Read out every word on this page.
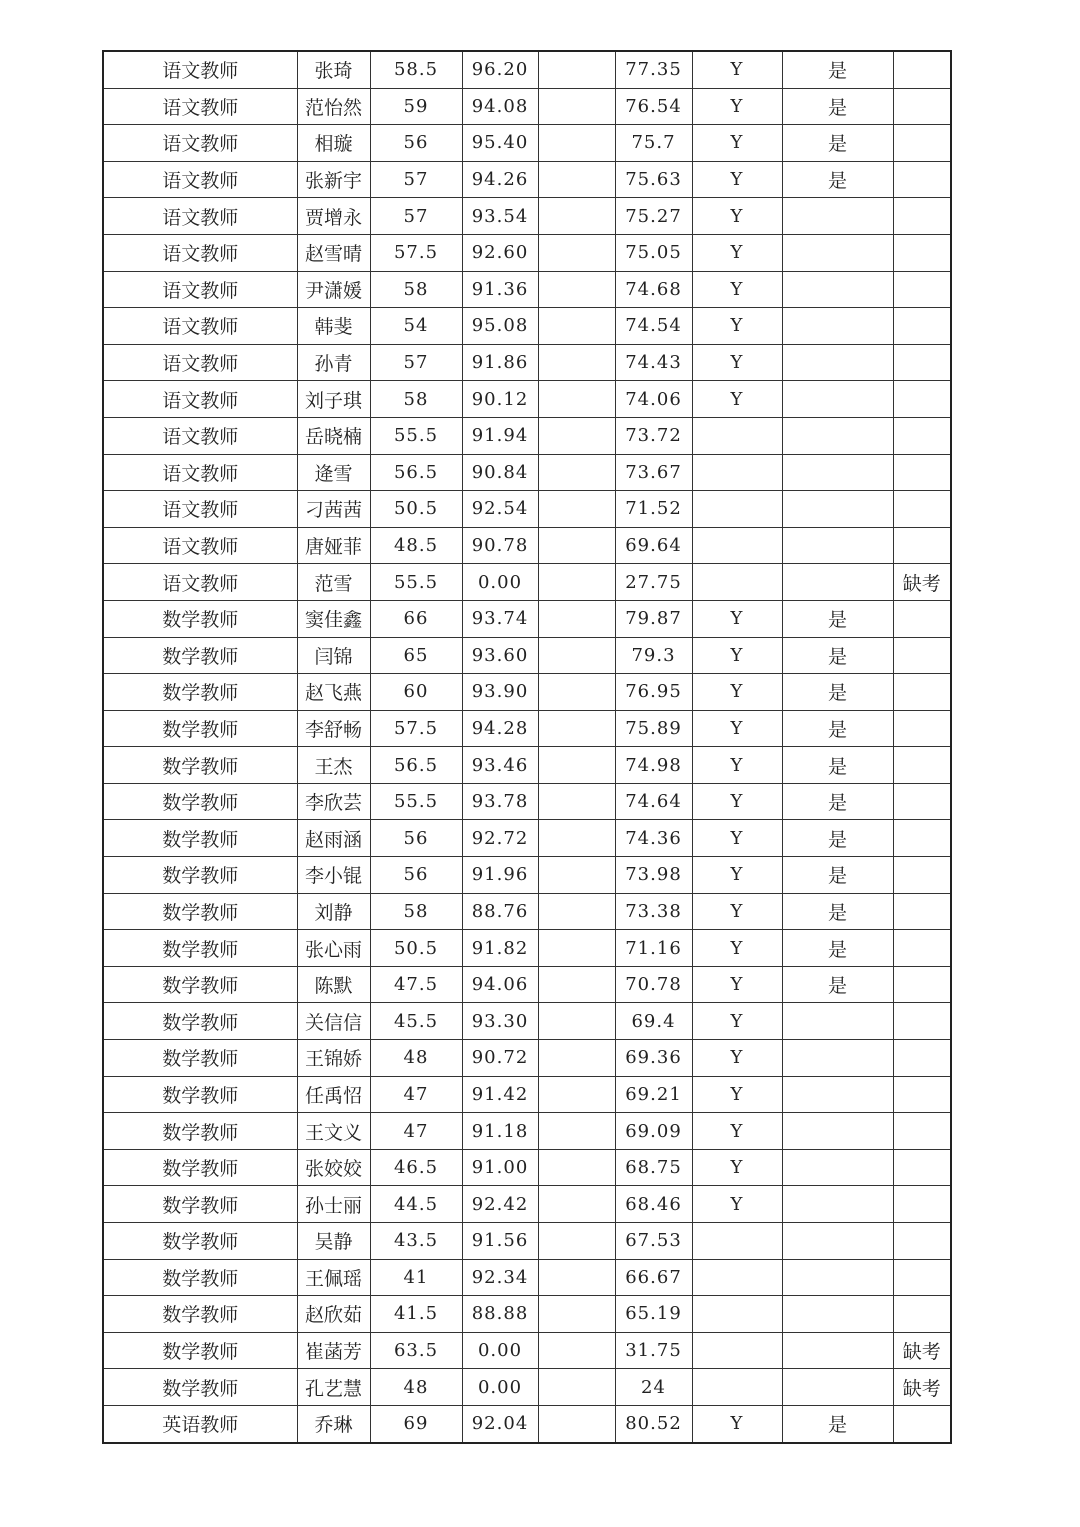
语文教师	张琦	58.5	96.20		77.35	Y	是	
语文教师	范怡然	59	94.08		76.54	Y	是	
语文教师	相璇	56	95.40		75.7	Y	是	
语文教师	张新宇	57	94.26		75.63	Y	是	
语文教师	贾增永	57	93.54		75.27	Y		
语文教师	赵雪晴	57.5	92.60		75.05	Y		
语文教师	尹潇媛	58	91.36		74.68	Y		
语文教师	韩斐	54	95.08		74.54	Y		
语文教师	孙青	57	91.86		74.43	Y		
语文教师	刘子琪	58	90.12		74.06	Y		
语文教师	岳晓楠	55.5	91.94		73.72			
语文教师	逄雪	56.5	90.84		73.67			
语文教师	刁茜茜	50.5	92.54		71.52			
语文教师	唐娅菲	48.5	90.78		69.64			
语文教师	范雪	55.5	0.00		27.75			缺考
数学教师	窦佳鑫	66	93.74		79.87	Y	是	
数学教师	闫锦	65	93.60		79.3	Y	是	
数学教师	赵飞燕	60	93.90		76.95	Y	是	
数学教师	李舒畅	57.5	94.28		75.89	Y	是	
数学教师	王杰	56.5	93.46		74.98	Y	是	
数学教师	李欣芸	55.5	93.78		74.64	Y	是	
数学教师	赵雨涵	56	92.72		74.36	Y	是	
数学教师	李小锟	56	91.96		73.98	Y	是	
数学教师	刘静	58	88.76		73.38	Y	是	
数学教师	张心雨	50.5	91.82		71.16	Y	是	
数学教师	陈默	47.5	94.06		70.78	Y	是	
数学教师	关信信	45.5	93.30		69.4	Y		
数学教师	王锦娇	48	90.72		69.36	Y		
数学教师	任禹怊	47	91.42		69.21	Y		
数学教师	王文义	47	91.18		69.09	Y		
数学教师	张姣姣	46.5	91.00		68.75	Y		
数学教师	孙士丽	44.5	92.42		68.46	Y		
数学教师	吴静	43.5	91.56		67.53			
数学教师	王佩瑶	41	92.34		66.67			
数学教师	赵欣茹	41.5	88.88		65.19			
数学教师	崔菡芳	63.5	0.00		31.75			缺考
数学教师	孔艺慧	48	0.00		24			缺考
英语教师	乔琳	69	92.04		80.52	Y	是	
